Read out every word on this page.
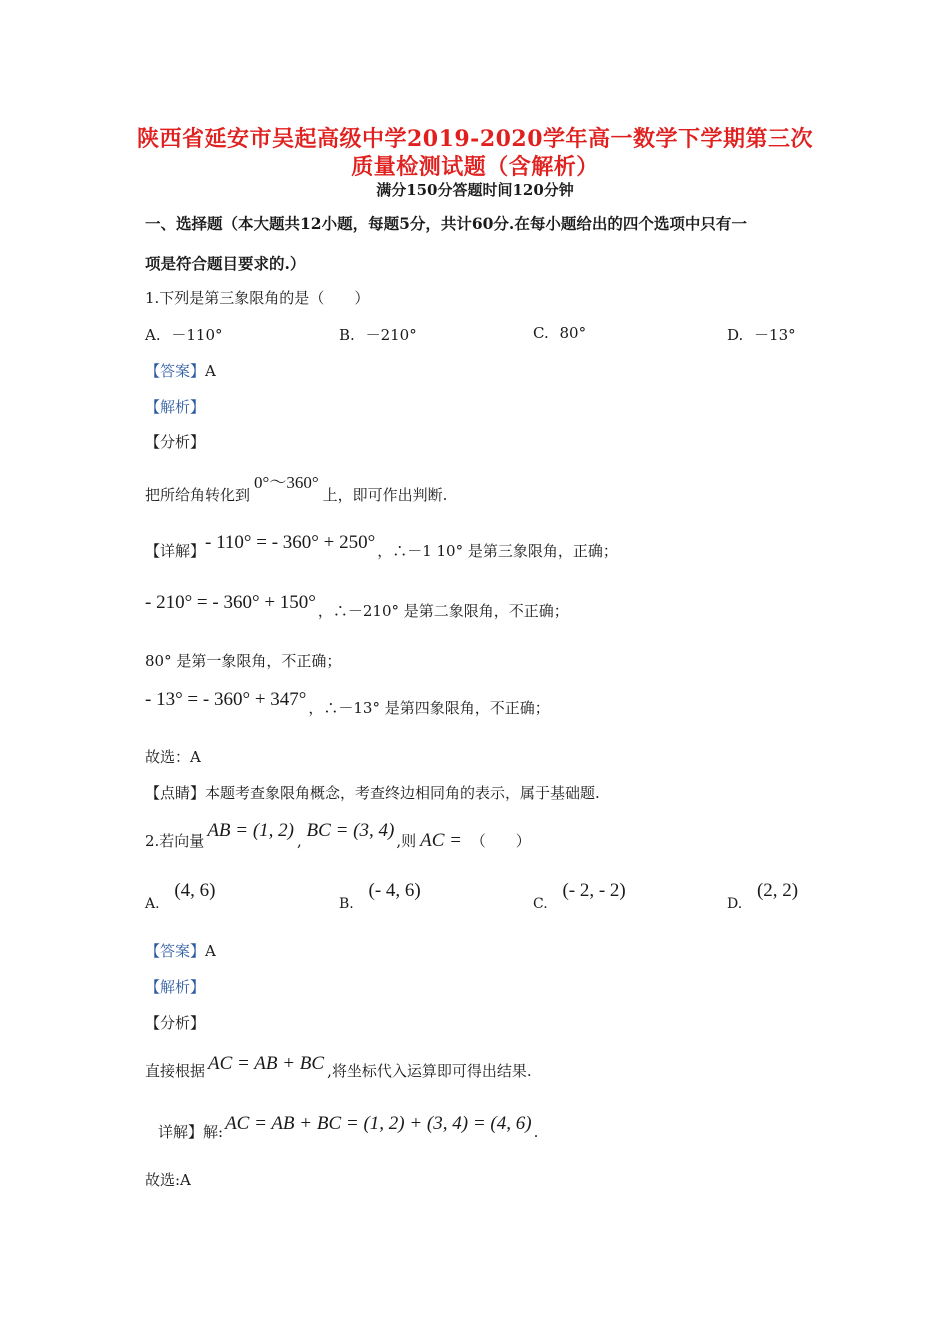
陕西省延安市吴起高级中学2019-2020学年高一数学下学期第三次
质量检测试题（含解析）
满分150分答题时间120分钟
一、选择题（本大题共12小题，每题5分，共计60分.在每小题给出的四个选项中只有一
项是符合题目要求的.）
1.下列是第三象限角的是（　　）
A. －110°	B. －210°	C. 80°	D. －13°
【答案】A
【解析】
【分析】
把所给角转化到0°～360°上，即可作出判断.
【详解】- 110° = - 360° + 250° ，∴－1 10° 是第三象限角，正确；
- 210° = - 360° + 150° ，∴－210° 是第二象限角，不正确；
80° 是第一象限角，不正确；
- 13° = - 360° + 347° ，∴－13° 是第四象限角，不正确；
故选：A
【点睛】本题考查象限角概念，考查终边相同角的表示，属于基础题.
2.若向量 AB = (1, 2) , BC = (3, 4) ,则 AC = （　　）
A. (4, 6)
B. (- 4, 6)
C. (- 2, - 2)
D. (2, 2)
【答案】A
【解析】
【分析】
直接根据 AC = AB + BC ,将坐标代入运算即可得出结果.
详解】解: AC = AB + BC = (1, 2) + (3, 4) = (4, 6) .
故选:A
